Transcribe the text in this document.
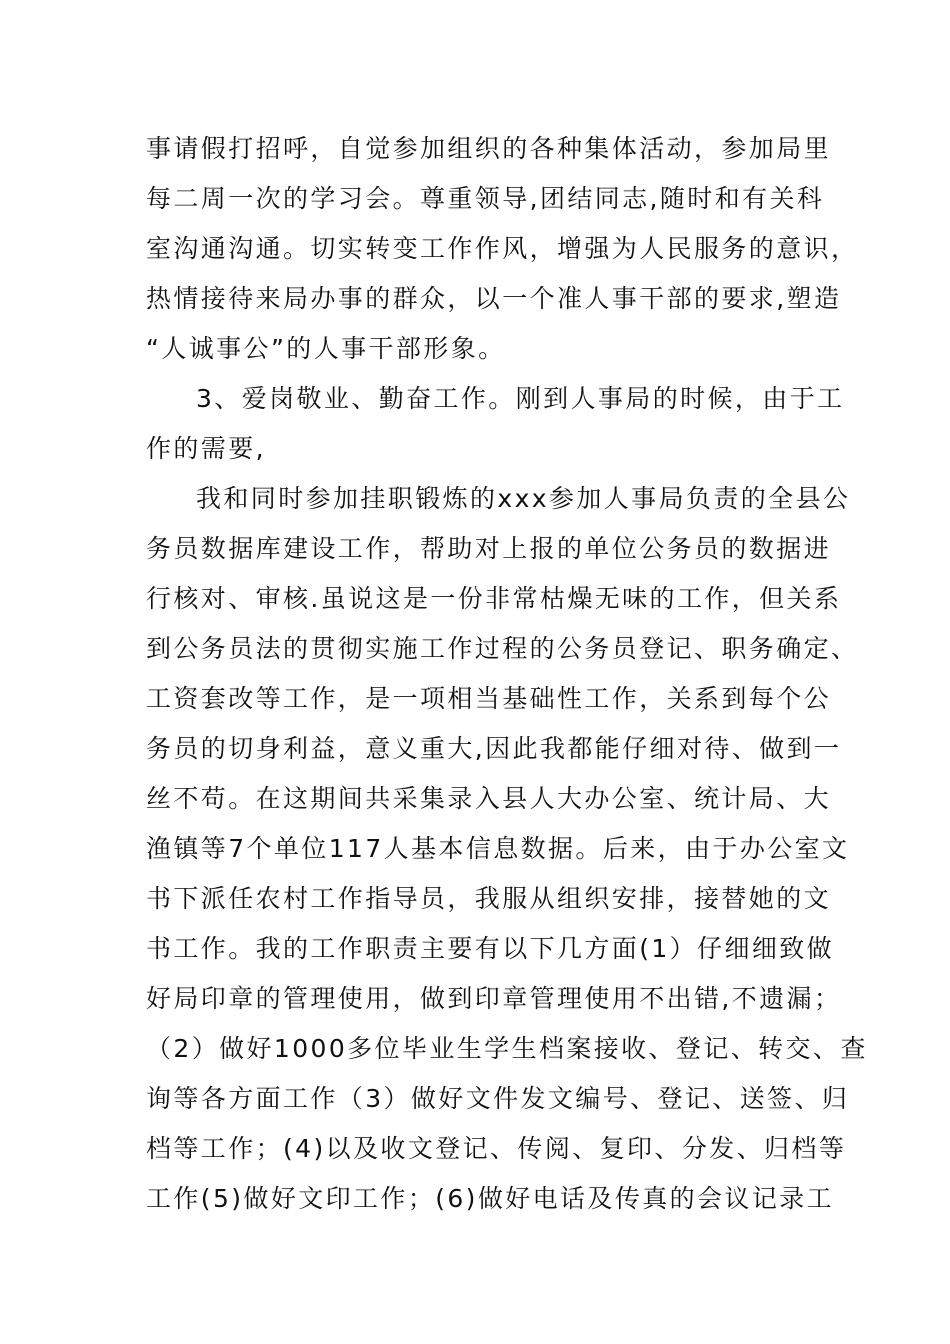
事请假打招呼，自觉参加组织的各种集体活动，参加局里
每二周一次的学习会。尊重领导,团结同志,随时和有关科
室沟通沟通。切实转变工作作风，增强为人民服务的意识，
热情接待来局办事的群众，以一个准人事干部的要求,塑造
“人诚事公”的人事干部形象。
3、爱岗敬业、勤奋工作。刚到人事局的时候，由于工
作的需要,
我和同时参加挂职锻炼的xxx参加人事局负责的全县公
务员数据库建设工作，帮助对上报的单位公务员的数据进
行核对、审核.虽说这是一份非常枯燥无味的工作，但关系
到公务员法的贯彻实施工作过程的公务员登记、职务确定、
工资套改等工作，是一项相当基础性工作，关系到每个公
务员的切身利益，意义重大,因此我都能仔细对待、做到一
丝不苟。在这期间共采集录入县人大办公室、统计局、大
渔镇等7个单位117人基本信息数据。后来，由于办公室文
书下派任农村工作指导员，我服从组织安排，接替她的文
书工作。我的工作职责主要有以下几方面(1）仔细细致做
好局印章的管理使用，做到印章管理使用不出错,不遗漏；
（2）做好1000多位毕业生学生档案接收、登记、转交、查
询等各方面工作（3）做好文件发文编号、登记、送签、归
档等工作；(4)以及收文登记、传阅、复印、分发、归档等
工作(5)做好文印工作；(6)做好电话及传真的会议记录工
